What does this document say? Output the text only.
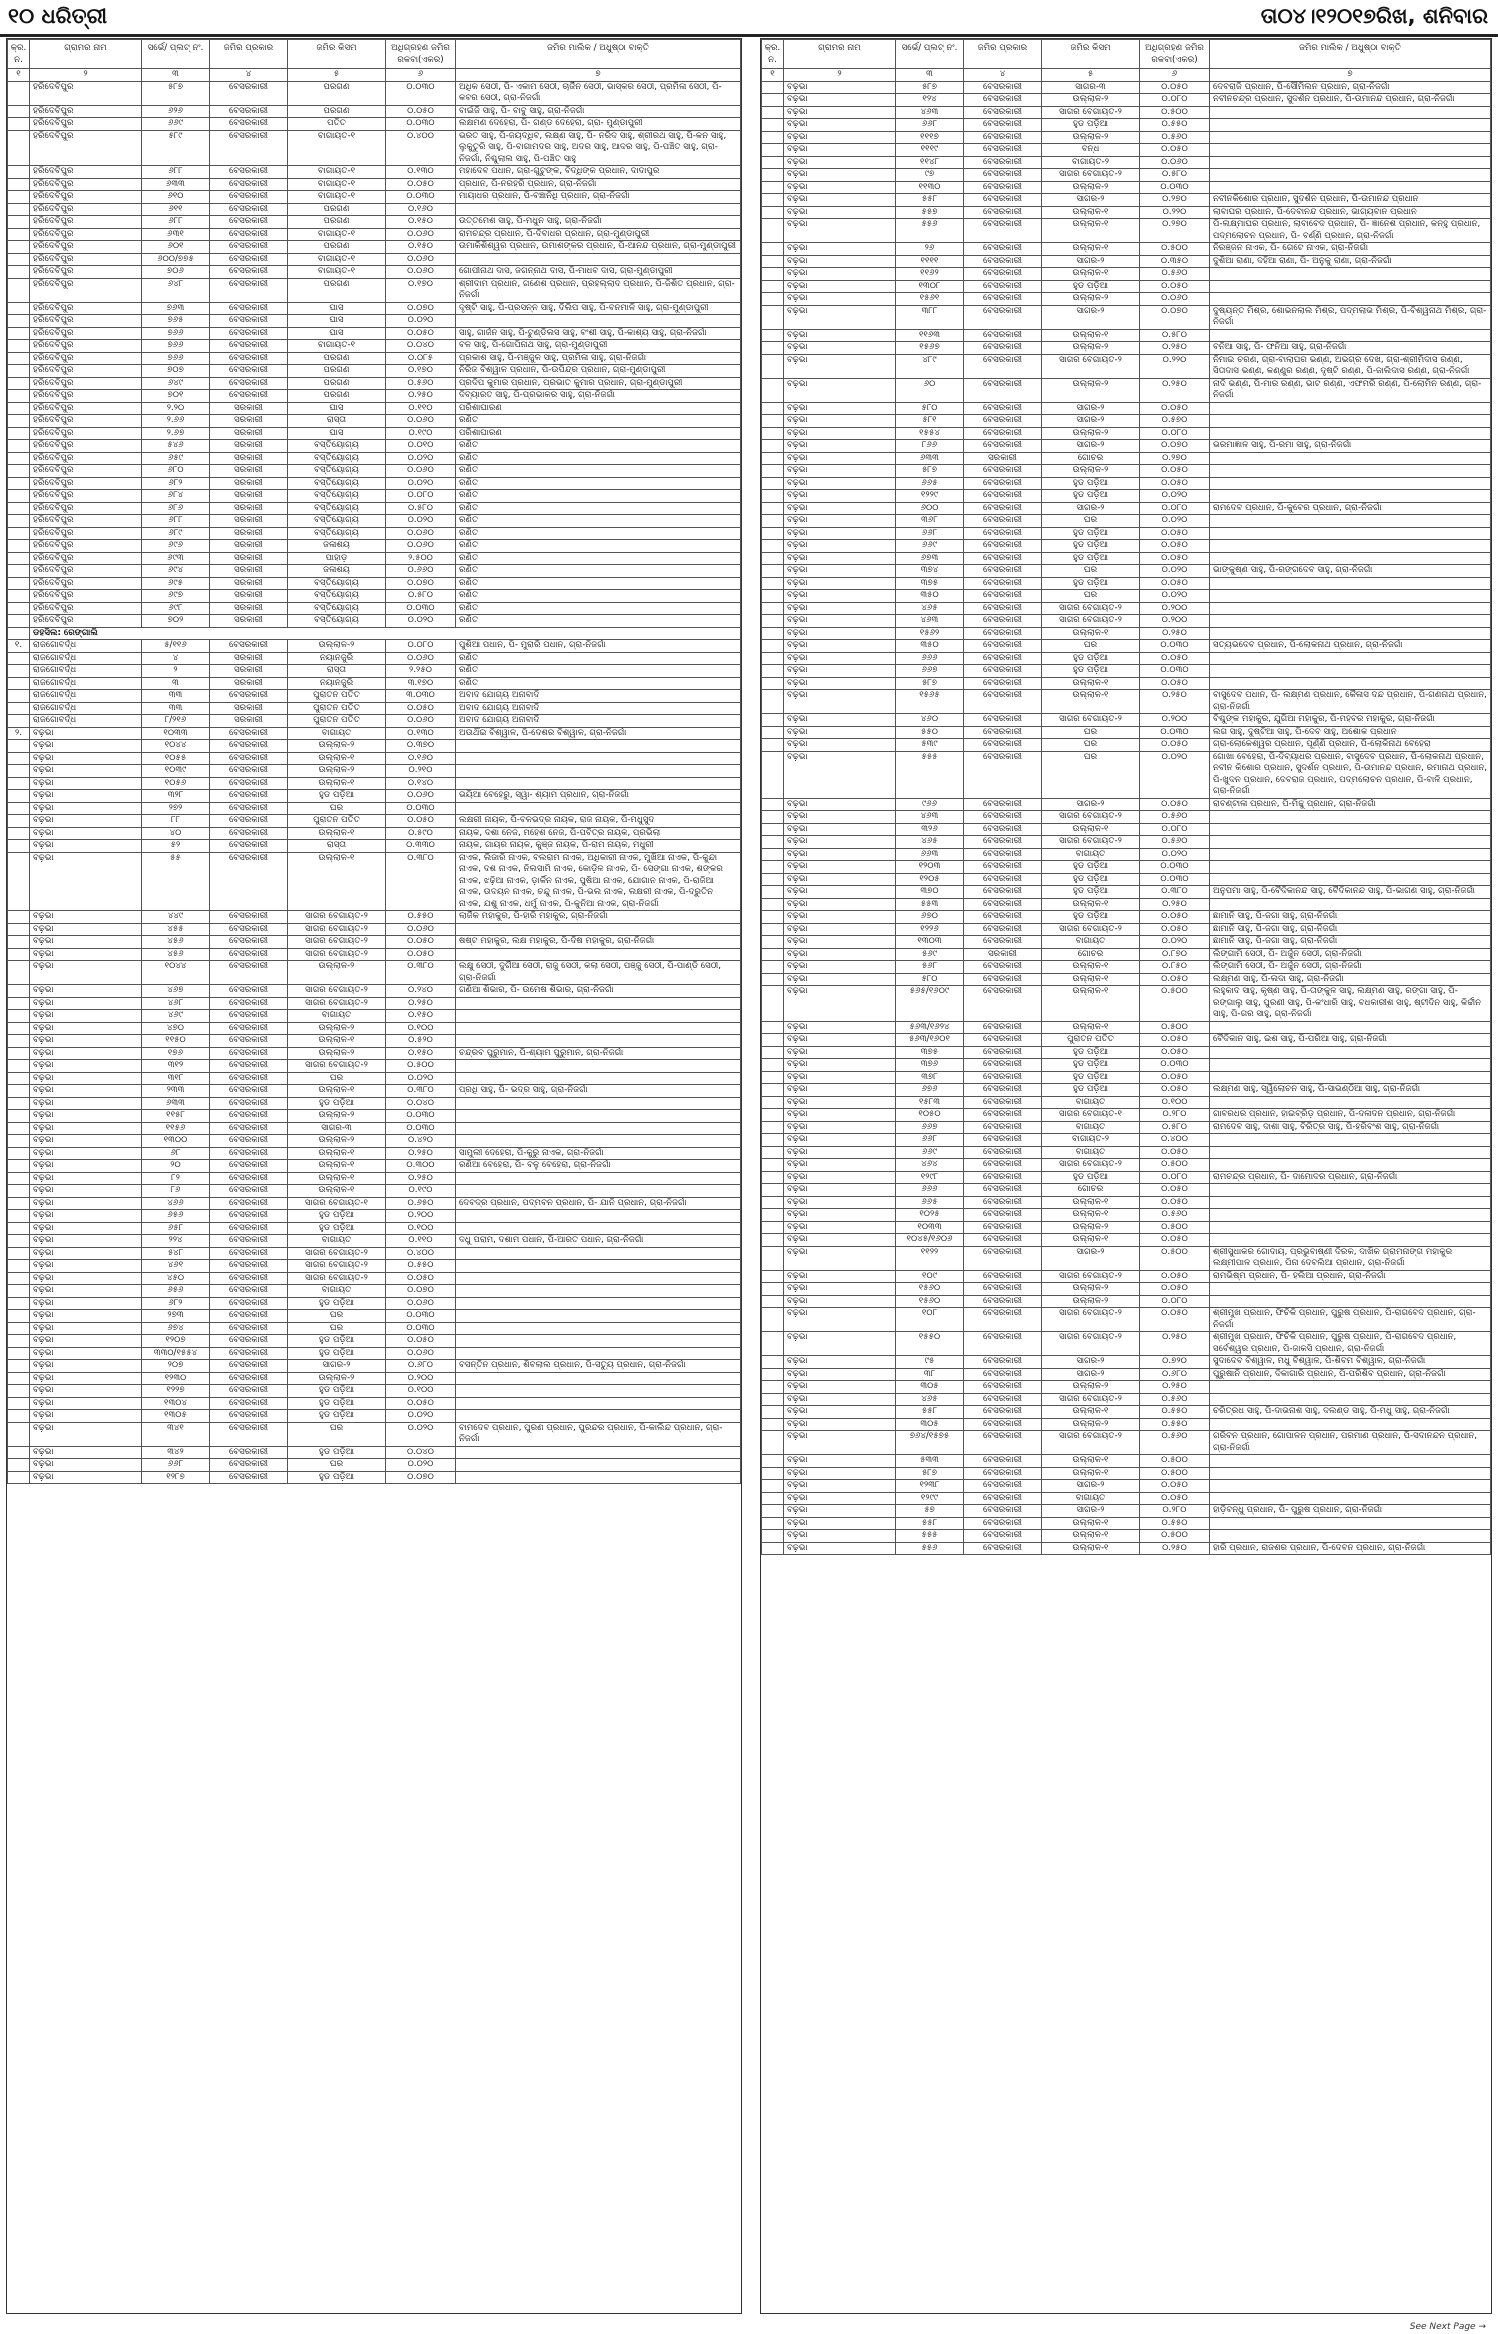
୧୦ ଧରିତ୍ରୀ	ତା୦୪।୧୨୦୧୭ରିଖ, ଶନିବାର
କ୍ର. ନ.	ଗ୍ରାମର ନାମ	ସର୍ଭେ/ ପ୍ଲଟ୍ ନଂ.	ଜମିର ପ୍ରକାର	ଜମିର କିସମ	ଅଧିଗ୍ରହଣ ଜମିର ରକବା(ଏକର)	ଜମିର ମାଲିକ / ଅଧୁଷ୍ଠା ବାକ୍ତି
୧	୨	୩	୪	୫	୬	୭
	ହରିଦେବିପୁର	୫୮୭	ବେସରକାରୀ	ପରଗଣ	୦.୦୩୦	ଅଧିକ ସେଠୀ, ପି- ଏକାମ ସେଠୀ, ଚାର୍ଜିନ ସେଠୀ, ଭାସ୍କର ସେଠୀ, ପ୍ରମିଳା ସେଠୀ, ପି- କବର ସେଠୀ, ଗ୍ରା-ନିଜର୍ଗା
	ହରିଦେବିପୁର	୬୨୬	ବେସରକାରୀ	ପରଗଣ	୦.୦୫୦	ବାଇଁଜି ସାହୁ, ପି- ବାବୁ ସାହୁ, ଗ୍ରା-ନିଜର୍ଗା
	ହରିଦେବିପୁର	୬୬୯	ବେସରକାରୀ	ପତିତ	୦.୦୩୦	ଲକ୍ଷମଣ ଦେହେରା, ପି- ଗଣ୍ଡ ଦେହେରା, ଗ୍ରା- ମୁଣ୍ଡାପୁରୀ
	ହରିଦେବିପୁର	୫୮୯	ବେସରକାରୀ	ବାଗାୟତ-୧	୦.୪୦୦	ଭରତ ସାହୁ, ପି-ଜୟଦ୍ଧିବ, ଲକ୍ଷ୍ଣ ସାହୁ, ପି- ନରିଦ ସାହୁ, ଶ୍ରୀରଥ ସାହୁ, ପି-କନ ସାହୁ, ଲୁକୁତୁରି ସାହୁ, ପି-ବାଗାମଦର ସାହୁ, ଅଦର ସାହୁ, ଆଦର ସାହୁ, ପି-ପଞ୍ଚିତ ସାହୁ, ଗ୍ରା-ନିଜର୍ଗା, ନିଶ୍ଚୁଲାଲ ସାହୁ, ପି-ପଞ୍ଚିତ ସାହୁ
	ହରିଦେବିପୁର	୬୮୮	ବେସରକାରୀ	ବାଗାୟତ-୧	୦.୧୩୦	ମହାଦେବ ପଧାନ, ଗ୍ରା-ଗୁଟୁଙ୍କ, ବିଦ୍ଧିଙ୍କ ପ୍ରଧାନ, ଦାଦାପୁର
	ହରିଦେବିପୁର	୬୩୩	ବେସରକାରୀ	ବାଗାୟତ-୧	୦.୦୫୦	ପ୍ରଧାନ, ପି-ନରହରି ପ୍ରଧାନ, ଗ୍ରା-ନିଜର୍ଗା
	ହରିଦେବିପୁର	୬୧୦	ବେସରକାରୀ	ବାଗାୟତ-୧	୦.୦୩୦	ମାୟାଧର ପ୍ରଧାନ, ପି-ବଞ୍ଚାନିଧି ପ୍ରଧାନ, ଗ୍ରା-ନିଜର୍ଗା
	ହରିଦେବିପୁର	୬୧୧	ବେସରକାରୀ	ପରଗଣ	୦.୧୬୦	
	ହରିଦେବିପୁର	୬୮୮	ବେସରକାରୀ	ପରଗଣ	୦.୧୫୦	ଉତ୍ତମେଶ ସାହୁ, ପି-ମଧୁନ ସାହୁ, ଗ୍ରା-ନିଜର୍ଗା
	ହରିଦେବିପୁର	୬୩୧	ବେସରକାରୀ	ବାଗାୟତ-୧	୦.୦୬୦	ରାମଚନ୍ଦ୍ର ପ୍ରଧାନ, ପି-ଦିବାଧର ପ୍ରଧାନ, ଗ୍ରା-ମୁଣ୍ଡାପୁରୀ
	ହରିଦେବିପୁର	୬୦୧	ବେସରକାରୀ	ପରଗଣ	୦.୧୫୦	ଉମାକିଶିଶ୍ୱର ପ୍ରଧାନ, ଉମାଶଙ୍କର ପ୍ରଧାନ, ପି-ଆନନ୍ଦ ପ୍ରଧାନ, ଗ୍ରା-ମୁଣ୍ଡାପୁରୀ
	ହରିଦେବିପୁର	୬୦୦/୭୭୫	ବେସରକାରୀ	ବାଗାୟତ-୧	୦.୦୬୦	
	ହରିଦେବିପୁର	୭୦୬	ବେସରକାରୀ	ବାଗାୟତ-୧	୦.୦୬୦	ଗୋପୀନାଥ ଦାସ, ଜଗନ୍ନାଥ ଦାସ, ପି-ମାଧବ ଦାସ, ଗ୍ରା-ମୁଣ୍ଡାପୁରୀ
	ହରିଦେବିପୁର	୬୪୮	ବେସରକାରୀ	ପରଗଣ	୦.୧୭୦	ଶ୍ରୀଦାମ ପ୍ରଧାନ, ଗଣେଶ ପ୍ରଧାନ, ପ୍ରହଲ୍ଲାଦ ପ୍ରଧାନ, ପି-ଜିଶିତ ପ୍ରଧାନ, ଗ୍ରା-ନିଜର୍ଗା
	ହରିଦେବିପୁର	୭୬୩	ବେସରକାରୀ	ଘାସ	୦.୦୭୦	ଦୃଷ୍ଟି ସାହୁ, ପି-ପ୍ରସନ୍ନ ସାହୁ, ଦିଲିପ ସାହୁ, ପି-ବନମାଳି ସାହୁ, ଗ୍ରା-ମୁଣ୍ଡାପୁରୀ
	ହରିଦେବିପୁର	୭୬୫	ବେସରକାରୀ	ଘାସ	୦.୦୨୦	
	ହରିଦେବିପୁର	୭୬୬	ବେସରକାରୀ	ଘାସ	୦.୦୫୦	ସାହୁ, ଗାର୍ଜନ ସାହୁ, ପି-ଟୁଣ୍ଡିଲସ ସାହୁ, ବଂଶୀ ସାହୁ, ପି-କାଶ୍ୟ ସାହୁ, ଗ୍ରା-ନିଜର୍ଗା
	ହରିଦେବିପୁର	୭୬୬	ବେସରକାରୀ	ବାଗାୟତ-୧	୦.୦୪୦	ବଳ ସାହୁ, ପି-ଗୋପିନାଥ ସାହୁ, ଗ୍ରା-ମୁଣ୍ଡାପୁରୀ
	ହରିଦେବିପୁର	୭୬୬	ବେସରକାରୀ	ପରଗଣ	୦.୦୮୫	ପ୍ରକାଶ ସାହୁ, ପି-ମଞ୍ଜୁଳ ସାହୁ, ପ୍ରମିଳା ସାହୁ, ଗ୍ରା-ନିଜର୍ଗା
	ହରିଦେବିପୁର	୭୦୭	ବେସରକାରୀ	ପରଗଣ	୦.୧୭୦	ନିରିଜ ବିଶ୍ୱାଳ ପ୍ରଧାନ, ପି-ଉପିନ୍ଦ୍ର ପ୍ରଧାନ, ଗ୍ରା-ମୁଣ୍ଡାପୁରୀ
	ହରିଦେବିପୁର	୬୪୯	ବେସରକାରୀ	ପରଗଣ	୦.୫୬୦	ପ୍ରଦିପ କୁମାର ପ୍ରଧାନ, ପ୍ରଭାତ କୁମାର ପ୍ରଧାନ, ଗ୍ରା-ମୁଣ୍ଡାପୁରୀ
	ହରିଦେବିପୁର	୭୦୧	ବେସରକାରୀ	ପରଗଣ	୦.୨୫୦	ଦିବ୍ୟାରତ ସାହୁ, ପି-ପ୍ରଭାକର ସାହୁ, ଗ୍ରା-ନିଜର୍ଗା
	ହରିଦେବିପୁର	୨.୨୦	ସରକାରୀ	ଘାସ	୦.୧୧୦	ପରିଶାଘାରଣ
	ହରିଦେବିପୁର	୨.୬୬	ସରକାରୀ	ରାସ୍ତା	୦.୦୬୦	ରଣିତ
	ହରିଦେବିପୁର	୨.୬୭	ସରକାରୀ	ଘାସ	୦.୧୯୦	ପରିଶାଘାରଣ
	ହରିଦେବିପୁର	୫୪୬	ସରକାରୀ	ବସ୍ତିୟୋଗ୍ୟ	୦.୦୧୦	ରଣିତ
	ହରିଦେବିପୁର	୬୫୯	ସରକାରୀ	ବସ୍ତିୟୋଗ୍ୟ	୦.୦୨୦	ରଣିତ
	ହରିଦେବିପୁର	୬୮୦	ସରକାରୀ	ବସ୍ତିୟୋଗ୍ୟ	୦.୦୬୦	ରଣିତ
	ହରିଦେବିପୁର	୬୮୨	ସରକାରୀ	ବସ୍ତିୟୋଗ୍ୟ	୦.୦୨୦	ରଣିତ
	ହରିଦେବିପୁର	୬୮୪	ସରକାରୀ	ବସ୍ତିୟୋଗ୍ୟ	୦.୦୮୦	ରଣିତ
	ହରିଦେବିପୁର	୬୮୬	ସରକାରୀ	ବସ୍ତିୟୋଗ୍ୟ	୦.୫୮୦	ରଣିତ
	ହରିଦେବିପୁର	୬୮୮	ସରକାରୀ	ବସ୍ତିୟୋଗ୍ୟ	୦.୦୨୦	ରଣିତ
	ହରିଦେବିପୁର	୬୮୯	ସରକାରୀ	ବସ୍ତିୟୋଗ୍ୟ	୦.୦୬୦	ରଣିତ
	ହରିଦେବିପୁର	୬୯୬	ସରକାରୀ	ଜଳାଶୟ	୦.୦୬୦	ରଣିତ
	ହରିଦେବିପୁର	୬୯୩	ସରକାରୀ	ପାହାଡ଼	୨.୫୦୦	ରଣିତ
	ହରିଦେବିପୁର	୬୯୪	ସରକାରୀ	ଜଳାଶୟ	୦.୬୬୦	ରଣିତ
	ହରିଦେବିପୁର	୬୯୫	ସରକାରୀ	ବସ୍ତିୟୋଗ୍ୟ	୦.୦୭୦	ରଣିତ
	ହରିଦେବିପୁର	୬୯୭	ସରକାରୀ	ବସ୍ତିୟୋଗ୍ୟ	୦.୫୮୦	ରଣିତ
	ହରିଦେବିପୁର	୬୯୮	ସରକାରୀ	ବସ୍ତିୟୋଗ୍ୟ	୦.୦୩୦	ରଣିତ
	ହରିଦେବିପୁର	୭୦୨	ସରକାରୀ	ବସ୍ତିୟୋଗ୍ୟ	୦.୦୨୦	ରଣିତ
	ଡହସିଲ: ରେଙ୍ଗାଲି					
୧.	ରାଜଗୋବର୍ଦ୍ଧ	୫/୧୧୬	ବେସରକାରୀ	ଉଲ୍ଲାଳ-୨	୦.୦୮୦	ପୁଶିଆ ପଧାନ, ପି- ମୁରାରି ପଧାନ, ଗ୍ରା-ନିଜର୍ଗା
	ରାଜଗୋବର୍ଦ୍ଧ	୪	ସରକାରୀ	ନୟାନଜୁରି	୦.୦୬୦	ରଣିତ
	ରାଜଗୋବର୍ଦ୍ଧ	୨	ସରକାରୀ	ରାସ୍ତା	୨.୨୫୦	ରଣିତ
	ରାଜଗୋବର୍ଦ୍ଧ	୩	ସରକାରୀ	ନୟାନଜୁରି	୩.୧୭୦	ରଣିତ
	ରାଜଗୋବର୍ଦ୍ଧ	୩୩	ବେସରକାରୀ	ପୁରାତନ ପତିତ	୩.୦୩୦	ଅବାଦ ଯୋଗ୍ୟ ଅନାବାଦି
	ରାଜଗୋବର୍ଦ୍ଧ	୩୩	ସରକାରୀ	ପୁରାତନ ପତିତ	୦.୦୫୦	ଅବାଦ ଯୋଗ୍ୟ ଅନାବାଦି
	ରାଜଗୋବର୍ଦ୍ଧ	୮/୨୧୬	ସରକାରୀ	ପୁରାତନ ପତିତ	୦.୦୬୦	ଅବାଦ ଯୋଗ୍ୟ ଅନାବାଦି
୨.	ବଢ଼ଭା	୧୦୩୩	ବେସରକାରୀ	ବାଗାୟତ	୦.୧୩୦	ଅଉଥିଁଇ ବିଶ୍ୱାଳ, ପି-ଦେଶର ବିଶ୍ୱାଳ, ଗ୍ରା-ନିଜର୍ଗା
	ବଢ଼ଭା	୧୦୪୪	ବେସରକାରୀ	ଉଲ୍ଲାଳ-୨	୦.୩୭୦	
	ବଢ଼ଭା	୧୦୫୫	ବେସରକାରୀ	ଉଲ୍ଲାଳ-୧	୦.୧୬୦	
	ବଢ଼ଭା	୧୦୩୯	ବେସରକାରୀ	ଉଲ୍ଲାଳ-୨	୦.୨୧୦	
	ବଢ଼ଭା	୧୦୫୬	ବେସରକାରୀ	ଉଲ୍ଲାଳ-୧	୦.୧୪୦	
	ବଢ଼ଭା	୩୨୮	ବେସରକାରୀ	ହୁଡ ପଡ଼ିଆ	୦.୦୬୦	ଭୟିଆ ବେହେରୁ, ସ୍ୱା- ଶ୍ୟାମ ପ୍ରଧାନ, ଗ୍ରା-ନିଜର୍ଗା
	ବଢ଼ଭା	୨୭୨	ବେସରକାରୀ	ଘର	୦.୦୩୦	
	ବଢ଼ଭା	୮୮	ବେସରକାରୀ	ପୁରାତନ ପତିତ	୦.୦୫୦	ଲକ୍ଷରୀ ନାୟକ, ପି-ବଳଭଦ୍ର ନାୟକ, ରାଜ ନାୟକ, ପି-ମଧୁସୁଦ
	ବଢ଼ଭା	୪୦	ବେସରକାରୀ	ଉଲ୍ଲାଳ-୧	୦.୫୯୦	ନାୟକ, ଦଶା ନେଜ, ମହେଶ ନେଜ, ପି-ପବିତ୍ର ନାୟକ, ପ୍ରଭିଲା
	ବଢ଼ଭା	୫୨	ବେସରକାରୀ	ରାସ୍ତା	୦.୩୩୦	ନାୟକ, ଗାୟର ନାୟକ, କୁଞ୍ଜ ନାୟକ, ପି-ରାମ ନାୟକ, ମଧୁରୀ
	ବଢ଼ଭା	୫୫	ବେସରକାରୀ	ଉଲ୍ଲାଳ-୧	୦.୩୮୦	ନାଏକ, ଲିଜାରି ନାଏକ, ବଲରାମ ନାଏକ, ଅଧିକାରୀ ନାଏକ, ମୁଖିଆ ନାଏକ, ପି-କୁନ୍ଦା ନାଏକ, ଦଶ ନାଏକ, ନିଲସାମି ନାଏକ, କୋଡ଼ିଳ ନାଏକ, ପି- ସେଙ୍ଗା ନାଏକ, ଶଙ୍କର ନାଏକ, ଝଢ଼ିଆ ନାଏକ, ଡ଼ାର୍କିନ ନାଏକ, ପୁଷିଆ ନାଏକ, ଯୋଗାନ ନାଏକ, ପି-ରାଜିଆ ନାଏକ, ଉଦୟନ ନାଏକ, ଚନ୍ଦୁ ନାଏକ, ପି-ଭଲ ନାଏକ, ଲକ୍ଷରୀ ନାଏକ, ପି-ଦ୍ରୁତିନ ନାଏକ, ଯଶୁ ନାଏକ, ଧର୍ମୁ ନାଏକ, ପି-କୁନିଆ ନାଏକ, ଗ୍ରା-ନିଜର୍ଗା
	ବଢ଼ଭା	୪୪୯	ବେସରକାରୀ	ସାଗର ବେଗାୟତ-୨	୦.୫୫୦	ଲାର୍ଜିକ ମହାକୁର, ପି-ହାରି ମହାକୁର, ଗ୍ରା-ନିଜର୍ଗା
	ବଢ଼ଭା	୪୫୫	ବେସରକାରୀ	ସାଗର ବେଗାୟତ-୨	୦.୦୬୦	
	ବଢ଼ଭା	୪୫୬	ବେସରକାରୀ	ସାଗର ବେଗାୟତ-୨	୦.୦୫୦	ଷଷ୍ଟ ମହାକୁର, ଲକ୍ଷ ମହାକୁର, ପି-ଦିଷ ମହାକୁର, ଗ୍ରା-ନିଜର୍ଗା
	ବଢ଼ଭା	୪୫୬	ବେସରକାରୀ	ସାଗର ବେଗାୟତ-୨	୦.୦୫୦	
	ବଢ଼ଭା	୧୦୪୪	ବେସରକାରୀ	ଉଲ୍ଲାଳ-୨	୦.୩୮୦	ଲକ୍ଷୁ ସେଠୀ, ଦୁର୍ଗିଆ ସେଠୀ, ରାଜୁ ସେଠୀ, କଲା ସେଠୀ, ପଞ୍ଜୁ ସେଠୀ, ପି-ପାଣ୍ଡି ସେଠୀ, ଗ୍ରା-ନିଜର୍ଗା
	ବଢ଼ଭା	୪୬୭	ବେସରକାରୀ	ସାଗର ବେଗାୟତ-୨	୦.୨୪୦	ଗଣିଆ ଶିଭାର, ପି- ଉମେଷ ଶିଭାର, ଗ୍ରା-ନିଜର୍ଗା
	ବଢ଼ଭା	୪୬୮	ବେସରକାରୀ	ସାଗର ବେଗାୟତ-୨	୦.୨୫୦	
	ବଢ଼ଭା	୪୬୯	ବେସରକାରୀ	ବାଗାୟତ	୦.୧୫୦	
	ବଢ଼ଭା	୪୭୦	ବେସରକାରୀ	ଉଲ୍ଲାଳ-୨	୦.୧୦୦	
	ବଢ଼ଭା	୧୧୫୦	ବେସରକାରୀ	ଉଲ୍ଲାଳ-୧	୦.୫୨୦	
	ବଢ଼ଭା	୧୭୬	ବେସରକାରୀ	ଉଲ୍ଲାଳ-୨	୦.୧୫୦	ଚନ୍ଦ୍ରବ ପୁରୁମାନ, ପି-ଶ୍ୟାମ ପୁରୁମାନ, ଗ୍ରା-ନିଜର୍ଗା
	ବଢ଼ଭା	୩୧୨	ବେସରକାରୀ	ସାଗର ବେଗାୟତ-୨	୦.୫୦୦	
	ବଢ଼ଭା	୩୧୮	ବେସରକାରୀ	ଘର	୦.୦୨୦	
	ବଢ଼ଭା	୨୩୩	ବେସରକାରୀ	ଉଲ୍ଲାଳ-୧	୦.୩୮୦	ପ୍ରଧି ସାହୁ, ପି- ଭଦ୍ର ସାହୁ, ଗ୍ରା-ନିଜର୍ଗା
	ବଢ଼ଭା	୬୩୩	ବେସରକାରୀ	ହୁଡ ପଡ଼ିଆ	୦.୦୪୦	
	ବଢ଼ଭା	୧୧୫୮	ବେସରକାରୀ	ଉଲ୍ଲାଳ-୨	୦.୦୩୦	
	ବଢ଼ଭା	୧୧୫୬	ବେସରକାରୀ	ସାଗର-୩	୦.୦୩୦	
	ବଢ଼ଭା	୧୩୦୦	ବେସରକାରୀ	ଉଲ୍ଲାଳ-୨	୦.୪୨୦	
	ବଢ଼ଭା	୬୮	ବେସରକାରୀ	ଉଲ୍ଲାଳ-୧	୦.୨୫୦	ସାମୁଲୀ ଦେହେରା, ପି-କୁରୁ ନାଏକ, ଗ୍ରା-ନିଜର୍ଗା
	ବଢ଼ଭା	୨୦	ବେସରକାରୀ	ଉଲ୍ଲାଳ-୧	୦.୩୦୦	ରଣିଆ ବେହେରା, ପି- ବଳୁ ବେହେରା, ଗ୍ରା-ନିଜର୍ଗା
	ବଢ଼ଭା	୮୨	ବେସରକାରୀ	ଉଲ୍ଲାଳ-୧	୦.୨୫୦	
	ବଢ଼ଭା	୮୬	ବେସରକାରୀ	ଉଲ୍ଲାଳ-୧	୦.୧୯୦	
	ବଢ଼ଭା	୪୬୬	ବେସରକାରୀ	ସାଗର ବେଗାୟତ-୧	୦.୬୫୦	ଦେବଦ୍ର ପ୍ରଧାନ, ପଦ୍ମବନ ପ୍ରଧାନ, ପି- ଯାନି ପ୍ରଧାନ, ଗ୍ରା-ନିଜର୍ଗା
	ବଢ଼ଭା	୬୫୬	ବେସରକାରୀ	ହୁଡ ପଡ଼ିଆ	୦.୨୦୦	
	ବଢ଼ଭା	୬୫୮	ବେସରକାରୀ	ହୁଡ ପଡ଼ିଆ	୦.୧୦୦	
	ବଢ଼ଭା	୨୨୪	ବେସରକାରୀ	ବାଗାୟତ	୦.୧୧୦	ଦଧୁ ପରାମ, ଦଶାମ ପଧାନ, ପି-ଆରତ ପଧାନ, ଗ୍ରା-ନିଜର୍ଗା
	ବଢ଼ଭା	୫୪୮	ବେସରକାରୀ	ସାଗର ବେଗାୟତ-୨	୦.୪୦୦	
	ବଢ଼ଭା	୪୬୧	ବେସରକାରୀ	ସାଗର ବେଗାୟତ-୨	୦.୫୫୦	
	ବଢ଼ଭା	୪୫୦	ବେସରକାରୀ	ସାଗର ବେଗାୟତ-୨	୦.୦୫୦	
	ବଢ଼ଭା	୬୫୬	ବେସରକାରୀ	ବାଗାୟତ	୦.୦୭୦	
	ବଢ଼ଭା	୬୮୨	ବେସରକାରୀ	ହୁଡ ପଡ଼ିଆ	୦.୦୬୦	
	ବଢ଼ଭା	୨୭୩	ବେସରକାରୀ	ଘର	୦.୦୩୦	
	ବଢ଼ଭା	୬୭୪	ବେସରକାରୀ	ଘର	୦.୦୩୦	
	ବଢ଼ଭା	୧୨୦୭	ବେସରକାରୀ	ହୁଡ ପଡ଼ିଆ	୦.୦୫୦	
	ବଢ଼ଭା	୩୩୦/୧୫୫୪	ବେସରକାରୀ	ହୁଡ ପଡ଼ିଆ	୦.୦୬୦	
	ବଢ଼ଭା	୨୦୭	ବେସରକାରୀ	ସାଗର-୨	୦.୬୮୦	ବସନ୍ତିନ ପ୍ରଧାନ, ଶିବଲାଲ ପ୍ରଧାନ, ପି-ସତ୍ୟୁ ପ୍ରଧାନ, ଗ୍ରା-ନିଜର୍ଗା
	ବଢ଼ଭା	୧୨୩୦	ବେସରକାରୀ	ଉଲ୍ଲାଳ-୨	୦.୨୦୦	
	ବଢ଼ଭା	୧୨୨୭	ବେସରକାରୀ	ହୁଡ ପଡ଼ିଆ	୦.୧୦୦	
	ବଢ଼ଭା	୧୩୦୪	ବେସରକାରୀ	ହୁଡ ପଡ଼ିଆ	୦.୦୫୦	
	ବଢ଼ଭା	୧୩୦୫	ବେସରକାରୀ	ହୁଡ ପଡ଼ିଆ	୦.୦୨୦	
	ବଢ଼ଭା	୩୪୧	ବେସରକାରୀ	ଘର	୦.୦୨୦	ବାମଦେବ ପ୍ରଧାନ, ପୁରଣ ପ୍ରଧାନ, ପୁରନ୍ଦର ପ୍ରଧାନ, ପି-କାଲିନ୍ଦ ପ୍ରଧାନ, ଗ୍ରା-ନିଜର୍ଗା
	ବଢ଼ଭା	୩୪୨	ବେସରକାରୀ	ହୁଡ ପଡ଼ିଆ	୦.୦୪୦	
	ବଢ଼ଭା	୬୬୮	ବେସରକାରୀ	ଘର	୦.୦୨୦	
	ବଢ଼ଭା	୧୨୮୭	ବେସରକାରୀ	ହୁଡ ପଡ଼ିଆ	୦.୦୭୦	
କ୍ର. ନ.	ଗ୍ରାମର ନାମ	ସର୍ଭେ/ ପ୍ଲଟ୍ ନଂ.	ଜମିର ପ୍ରକାର	ଜମିର କିସମ	ଅଧିଗ୍ରହଣ ଜମିର ରକବା(ଏକର)	ଜମିର ମାଲିକ / ଅଧୁଷ୍ଠା ବାକ୍ତି
୧	୨	୩	୪	୫	୬	୭
	ବଢ଼ଭା	୫୮୭	ବେସରକାରୀ	ସାଗର-୩	୦.୦୫୦	ଦେବରାଜି ପ୍ରଧାନ, ପି-ସୌମିଲନ ପ୍ରଧାନ, ଗ୍ରା-ନିଜର୍ଗା
	ବଢ଼ଭା	୧୨୪	ବେସରକାରୀ	ଉଲ୍ଲାଳ-୨	୦.୦୮୦	ନବୀନଚନ୍ଦ୍ର ପ୍ରଧାନ, ସୁଦର୍ଶନ ପ୍ରଧାନ, ପି-ଉମାନନ୍ଦ ପ୍ରଧାନ, ଗ୍ରା-ନିଜର୍ଗା
	ବଢ଼ଭା	୪୬୩	ବେସରକାରୀ	ସାଗର ବେଗାୟତ-୨	୦.୫୦୦	
	ବଢ଼ଭା	୬୬୮	ବେସରକାରୀ	ହୁଡ ପଡ଼ିଆ	୦.୫୫୦	
	ବଢ଼ଭା	୧୧୧୭	ବେସରକାରୀ	ଉଲ୍ଲାଳ-୨	୦.୫୬୦	
	ବଢ଼ଭା	୧୧୧୯	ବେସରକାରୀ	ବନ୍ଧ	୦.୦୫୦	
	ବଢ଼ଭା	୧୧୪୮	ବେସରକାରୀ	ବାଗାୟତ-୨	୦.୦୬୦	
	ବଢ଼ଭା	୯୭	ବେସରକାରୀ	ସାଗର ବେଗାୟତ-୨	୦.୫୮୦	
	ବଢ଼ଭା	୧୧୩୦	ବେସରକାରୀ	ଉଲ୍ଲାଳ-୨	୦.୦୩୦	
	ବଢ଼ଭା	୫୫୮	ବେସରକାରୀ	ସାଗର-୨	୦.୨୭୦	ନବୀନକିଶୋର ପ୍ରଧାନ, ସୁଦର୍ଶନ ପ୍ରଧାନ, ପି-ଉମାନନ୍ଦ ପ୍ରଧାନ
	ବଢ଼ଭା	୫୫୭	ବେସରକାରୀ	ଉଲ୍ଲାଳ-୧	୦.୨୨୦	ଲାବାଘର ପ୍ରଧାନ, ପି-ଦେବାନନ୍ଦ ପ୍ରଧାନ, ଭାଗ୍ୟବାନ ପ୍ରଧାନ
	ବଢ଼ଭା	୫୫୬	ବେସରକାରୀ	ଉଲ୍ଲାଳ-୧	୦.୨୭୦	ପି-ଲକ୍ଷ୍ମାଘର ପ୍ରଧାନ, ଲାବାବେଦ ପ୍ରଧାନ, ପି- ଜ୍ଞାନେଶ ପ୍ରଧାନ, କନ୍ହୁ ପ୍ରଧାନ, ପଦ୍ମଲୋଚନ ପ୍ରଧାନ, ପି- ବର୍ଣ୍ଣି ପ୍ରଧାନ, ଗ୍ରା-ନିଜର୍ଗା
	ବଢ଼ଭା	୨୬	ବେସରକାରୀ	ଉଲ୍ଲାଳ-୧	୦.୫୦୦	ନିରଞ୍ଜନ ନାଏକ, ପି- ଗେଟେ ନାଏକ, ଗ୍ରା-ନିଜର୍ଗା
	ବଢ଼ଭା	୧୧୧୧	ବେସରକାରୀ	ସାଗର-୨	୦.୩୫୦	ଦୁଶିଆ ରାଣା, ଦହିଆ ରାଣା, ପି- ଅନୁକୁ ରାଣା, ଗ୍ରା-ନିଜର୍ଗା
	ବଢ଼ଭା	୧୧୬୨	ବେସରକାରୀ	ଉଲ୍ଲାଳ-୧	୦.୫୬୦	
	ବଢ଼ଭା	୧୩୦୮	ବେସରକାରୀ	ହୁଡ ପଡ଼ିଆ	୦.୦୫୦	
	ବଢ଼ଭା	୧୫୬୧	ବେସରକାରୀ	ଉଲ୍ଲାଳ-୨	୦.୦୬୦	
	ବଢ଼ଭା	୩୮୮	ବେସରକାରୀ	ସାଗର-୨	୦.୦୭୦	ଦୁଷ୍ୟନ୍ତ ମିଶ୍ର, ଶୋଭନଲାଲ ମିଶ୍ର, ପଦ୍ମଲାଭ ମିଶ୍ର, ପି-ବିଶ୍ୱନାଥ ମିଶ୍ର, ଗ୍ରା-ନିଜର୍ଗା
	ବଢ଼ଭା	୧୧୬୩	ବେସରକାରୀ	ଉଲ୍ଲାଳ-୧	୦.୫୮୦	
	ବଢ଼ଭା	୧୫୬୭	ବେସରକାରୀ	ଉଲ୍ଲାଳ-୨	୦.୨୫୦	ବନିଆ ସାହୁ, ପି- ଫନିଆ ସାହୁ, ଗ୍ରା-ନିଜର୍ଗା
	ବଢ଼ଭା	୪୮୯	ବେସରକାରୀ	ସାଗର ବେଗାୟତ-୨	୦.୨୨୦	ନିମାଇ ଚରଣ, ଗ୍ରା-ବାଲାଘର ଭଣ୍ଣ, ଅଭଗ୍ର ଦେଖ, ଗ୍ରା-ଶ୍ରୀମିଦାସ ରଣ୍ଣ, ସିତାଦାସ ଭଣ୍ଣ, କଣ୍ଣୁର ରଣ୍ଣ, ଦୃଷ୍ଟି ରଣ୍ଣ, ପି-ଜାଲିଦାସ ରଣ୍ଣ, ଗ୍ରା-ନିଜର୍ଗା
	ବଢ଼ଭା	୬୦	ବେସରକାରୀ	ଉଲ୍ଲାଳ-୨	୦.୨୫୦	ନାଦି ଭଣ୍ଣ, ପି-ମାର ରଣ୍ଣ, ଭାଟ ରଣ୍ଣ, ଏଫମରି ରଣ୍ଣ, ପି-ଲୋମିନ ରଣ୍ଣ, ଗ୍ରା-ନିଜର୍ଗା
	ବଢ଼ଭା	୫୮୦	ବେସରକାରୀ	ସାଗର-୨	୦.୦୫୦	
	ବଢ଼ଭା	୫୮୧	ବେସରକାରୀ	ସାଗର-୨	୦.୫୭୦	
	ବଢ଼ଭା	୧୫୫୪	ବେସରକାରୀ	ଉଲ୍ଲାଳ-୨	୦.୦୮୦	
	ବଢ଼ଭା	୮୬୬	ବେସରକାରୀ	ସାଗର-୨	୦.୦୭୦	ଭରମାଜ୍ଞାଳ ସାହୁ, ପି-ରମା ସାହୁ, ଗ୍ରା-ନିଜର୍ଗା
	ବଢ଼ଭା	୬୩୩	ସରକାରୀ	ଗୋଚର	୦.୨୭୦	
	ବଢ଼ଭା	୫୮୭	ବେସରକାରୀ	ଉଲ୍ଲାଳ-୨	୦.୦୫୦	
	ବଢ଼ଭା	୬୬୫	ବେସରକାରୀ	ହୁଡ ପଡ଼ିଆ	୦.୦୫୦	
	ବଢ଼ଭା	୧୨୨୯	ବେସରକାରୀ	ହୁଡ ପଡ଼ିଆ	୦.୦୨୦	
	ବଢ଼ଭା	୬୦୦	ବେସରକାରୀ	ସାଗର-୨	୦.୦୮୦	ରାମଦେବ ପ୍ରଧାନ, ପି-କୁବେର ପ୍ରଧାନ, ଗ୍ରା-ନିଜର୍ଗା
	ବଢ଼ଭା	୩୬୮	ବେସରକାରୀ	ଘର	୦.୦୨୦	
	ବଢ଼ଭା	୬୬୮	ବେସରକାରୀ	ହୁଡ ପଡ଼ିଆ	୦.୦୫୦	
	ବଢ଼ଭା	୬୬୯	ବେସରକାରୀ	ହୁଡ ପଡ଼ିଆ	୦.୦୫୦	
	ବଢ଼ଭା	୬୭୩	ବେସରକାରୀ	ହୁଡ ପଡ଼ିଆ	୦.୦୫୦	
	ବଢ଼ଭା	୩୭୪	ବେସରକାରୀ	ଘର	୦.୦୨୦	ଭାଙ୍କୁଷ୍ଣ ସାହୁ, ପି-ରଙ୍ଗଦେବ ସାହୁ, ଗ୍ରା-ନିଜର୍ଗା
	ବଢ଼ଭା	୩୭୫	ବେସରକାରୀ	ହୁଡ ପଡ଼ିଆ	୦.୦୫୦	
	ବଢ଼ଭା	୩୫୦	ବେସରକାରୀ	ଘର	୦.୦୨୦	
	ବଢ଼ଭା	୪୬୫	ବେସରକାରୀ	ସାଗର ବେଗାୟତ-୨	୦.୨୦୦	
	ବଢ଼ଭା	୪୬୩	ବେସରକାରୀ	ସାଗର ବେଗାୟତ-୨	୦.୨୦୦	
	ବଢ଼ଭା	୧୫୬୨	ବେସରକାରୀ	ଉଲ୍ଲାଳ-୧	୦.୨୫୦	
	ବଢ଼ଭା	୩୫୦	ବେସରକାରୀ	ଘର	୦.୦୩୦	ସତ୍ୟଭଦେବ ପ୍ରଧାନ, ପି-ଲୋକନାଥ ପ୍ରଧାନ, ଗ୍ରା-ନିଜର୍ଗା
	ବଢ଼ଭା	୬୬୬	ବେସରକାରୀ	ହୁଡ ପଡ଼ିଆ	୦.୦୫୦	
	ବଢ଼ଭା	୬୬୭	ବେସରକାରୀ	ହୁଡ ପଡ଼ିଆ	୦.୦୩୦	
	ବଢ଼ଭା	୫୮୭	ବେସରକାରୀ	ଉଲ୍ଲାଳ-୧	୦.୦୫୦	
	ବଢ଼ଭା	୧୫୬୫	ବେସରକାରୀ	ଉଲ୍ଲାଳ-୧	୦.୨୫୦	ବାସୁଦେବ ପଧାନ, ପି- ଲକ୍ଷ୍ମଣ ପ୍ରଧାନ, କୈଳାସ ଦନ୍ଦ ପ୍ରଧାନ, ପି-ଗଣନାଥ ପ୍ରଧାନ, ଗ୍ରା-ନିଜର୍ଗା
	ବଢ଼ଭା	୪୬୦	ବେସରକାରୀ	ସାଗର ବେଗାୟତ-୨	୦.୨୦୦	ବିଶ୍ଚୁଙ୍କ ମହାକୁର, ଯୁଗିଆ ମହାକୁର, ପି-ମହବର ମହାକୁର, ଗ୍ରା-ନିଜର୍ଗା
	ବଢ଼ଭା	୫୫୦	ବେସରକାରୀ	ଘର	୦.୦୩୦	ଲଗ ସାହୁ, ଦୁଷ୍ଟିଆ ସାହୁ, ପି-ଦେବ ସାହୁ, ଅଶୋକ ପ୍ରଧାନ
	ବଢ଼ଭା	୫୩୯	ବେସରକାରୀ	ଘର	୦.୦୫୦	ଗ୍ରା-ଲୋକେଶ୍ୱର ପ୍ରଧାନ, ପୂର୍ଣ୍ଣି ପ୍ରଧାନ, ପି-ଲୋକିନାଥ ବେହେରା
	ବଢ଼ଭା	୫୫୫	ବେସରକାରୀ	ଘର	୦.୦୨୦	ଗୋଖା ବେହେରା, ପି-ଦିବ୍ୟାଧର ପ୍ରଧାନ, ବାସୁଦେବ ପ୍ରଧାନ, ପି-ଲୋକନାଥ ପ୍ରଧାନ, ନବୀନ କିଶୋର ପ୍ରଧାନ, ସୁଦର୍ଶନ ପ୍ରଧାନ, ପି-ଉମାନନ୍ଦ ପ୍ରଧାନ, ରମାନାଥ ପ୍ରଧାନ, ପି-ଖୁଦନ ପ୍ରଧାନ, ଦେବରାଜ ପ୍ରଧାନ, ପଦ୍ମଲୋଚନ ପ୍ରଧାନ, ପି-ବାଳି ପ୍ରଧାନ, ଗ୍ରା-ନିଜର୍ଗା
	ବଢ଼ଭା	୯୬୬	ବେସରକାରୀ	ସାଗର-୨	୦.୦୫୦	ରାବଣ୍ଟାଳା ପ୍ରଧାନ, ପି-ମିଚ୍ଚୁ ପ୍ରଧାନ, ଗ୍ରା-ନିଜର୍ଗା
	ବଢ଼ଭା	୪୬୩	ବେସରକାରୀ	ସାଗର ବେଗାୟତ-୨	୦.୫୬୦	
	ବଢ଼ଭା	୩୨୬	ବେସରକାରୀ	ଉଲ୍ଲାଳ-୧	୦.୦୮୦	
	ବଢ଼ଭା	୪୬୫	ବେସରକାରୀ	ସାଗର ବେଗାୟତ-୨	୦.୫୬୦	
	ବଢ଼ଭା	୬୬୩	ବେସରକାରୀ	ବାଗାୟତ	୦.୦୨୦	
	ବଢ଼ଭା	୧୨୦୩	ବେସରକାରୀ	ହୁଡ ପଡ଼ିଆ	୦.୦୩୦	
	ବଢ଼ଭା	୧୨୦୫	ବେସରକାରୀ	ହୁଡ ପଡ଼ିଆ	୦.୦୩୦	
	ବଢ଼ଭା	୩୭୦	ବେସରକାରୀ	ହୁଡ ପଡ଼ିଆ	୦.୩୮୦	ଅନୁପମା ସାହୁ, ପି-ବୈଦିକାନନ୍ଦ ସାହୁ, ବୈଦିକାନନ୍ଦ ସାହୁ, ପି-ଭାଗଣ ସାହୁ, ଗ୍ରା-ନିଜର୍ଗା
	ବଢ଼ଭା	୫୫୩	ବେସରକାରୀ	ଉଲ୍ଲାଳ-୧	୦.୨୫୦	
	ବଢ଼ଭା	୬୭୦	ବେସରକାରୀ	ହୁଡ ପଡ଼ିଆ	୦.୦୫୦	ଛାମାନି ସାହୁ, ପି-ଜଗା ସାହୁ, ଗ୍ରା-ନିଜର୍ଗା
	ବଢ଼ଭା	୧୨୨୬	ବେସରକାରୀ	ସାଗର ବେଗାୟତ-୨	୦.୦୫୦	ଛାମାନି ସାହୁ, ପି-ଜଗା ସାହୁ, ଗ୍ରା-ନିଜର୍ଗା
	ବଢ଼ଭା	୧୩୦୩	ବେସରକାରୀ	ବାଗାୟତ	୦.୦୨୦	ଛାମାନି ସାହୁ, ପି-ଜଗା ସାହୁ, ଗ୍ରା-ନିଜର୍ଗା
	ବଢ଼ଭା	୫୬୯	ସରକାରୀ	ଗୋଚର	୦.୮୭୦	ଲିଙ୍ଗାମି ସେଠୀ, ପି- ଅର୍ଜୁନ ସେଠୀ, ଗ୍ରା-ନିଜର୍ଗା
	ବଢ଼ଭା	୫୬୮	ବେସରକାରୀ	ଉଲ୍ଲାଳ-୧	୦.୮୫୦	ଲିଙ୍ଗାମି ସେଠୀ, ପି- ଅର୍ଜୁନ ସେଠୀ, ଗ୍ରା-ନିଜର୍ଗା
	ବଢ଼ଭା	୫୮୦	ବେସରକାରୀ	ଉଲ୍ଲାଳ-୧	୦.୦୫୦	ଲକ୍ଷ୍ମଣ ସାହୁ, ପି-ଲଦା ସାହୁ, ଗ୍ରା-ନିଜର୍ଗା
	ବଢ଼ଭା	୫୬୫/୧୬୦୯	ବେସରକାରୀ	ଉଲ୍ଲାଳ-୧	୦.୫୦୦	ଲହୁକାଦ ସାହୁ, କୃଷ୍ଣ ସାହୁ, ପି-ତାଙ୍କୁଳ ସାହୁ, ଲକ୍ଷ୍ମଣ ସାହୁ, ରଙ୍ଗା ସାହୁ, ପି- ରଙ୍ଗାଲୁ ସାହୁ, ପୁରଣୀ ସାହୁ, ପି-କଂଧାରି ସାହୁ, ବଧକାରୀଶ ସାହୁ, ଷ୍ଟୀଦିନ ସାହୁ, କିର୍ଚ୍ଚୀନ ସାହୁ, ପି-ଗର ସାହୁ, ଗ୍ରା-ନିଜର୍ଗା
	ବଢ଼ଭା	୫୬୩/୧୬୨୪	ବେସରକାରୀ	ଉଲ୍ଲାଳ-୧	୦.୫୦୦	
	ବଢ଼ଭା	୫୬୩/୧୬୦୧	ବେସରକାରୀ	ପୁରାତନ ପତିତ	୦.୦୫୦	ବୈଦିକାନ ସାହୁ, ଇଶ ସାହୁ, ପି-ପରିଆ ସାହୁ, ଗ୍ରା-ନିଜର୍ଗା
	ବଢ଼ଭା	୩୭୫	ବେସରକାରୀ	ହୁଡ ପଡ଼ିଆ	୦.୦୫୦	
	ବଢ଼ଭା	୩୭୬	ବେସରକାରୀ	ହୁଡ ପଡ଼ିଆ	୦.୦୩୦	
	ବଢ଼ଭା	୩୭୮	ବେସରକାରୀ	ହୁଡ ପଡ଼ିଆ	୦.୦୫୦	
	ବଢ଼ଭା	୬୭୬	ବେସରକାରୀ	ହୁଡ ପଡ଼ିଆ	୦.୦୫୦	ଲକ୍ଷ୍ମଣ ସାହୁ, ସ୍ୱିଲୋଚନ ସାହୁ, ପି-ସାଭଣ୍ଠିଆ ସାହୁ, ଗ୍ରା-ନିଜର୍ଗା
	ବଢ଼ଭା	୧୫୮୩	ବେସରକାରୀ	ବାଗାୟତ	୦.୧୦୦	
	ବଢ଼ଭା	୧୦୫୦	ବେସରକାରୀ	ସାଗର ବେଗାୟତ-୧	୦.୨୮୦	ଗାବରଧର ପ୍ରଧାନ, ହାଇବ୍ରିଡ଼ ପ୍ରଧାନ, ପି-ଦଳାଦନ ପ୍ରଧାନ, ଗ୍ରା-ନିଜର୍ଗା
	ବଢ଼ଭା	୬୬୭	ବେସରକାରୀ	ବାଗାୟତ	୦.୫୮୦	ରାମଦେବ ସାହୁ, ଦାଶା ସାହୁ, ବିରିତ୍ର ସାହୁ, ପି-ହରିବଂଶ ସାହୁ, ଗ୍ରା-ନିଜର୍ଗା
	ବଢ଼ଭା	୬୬୮	ବେସରକାରୀ	ବାଗାୟତ-୨	୦.୪୦୦	
	ବଢ଼ଭା	୬୬୯	ବେସରକାରୀ	ବାଗାୟତ	୦.୦୫୦	
	ବଢ଼ଭା	୪୬୪	ବେସରକାରୀ	ସାଗର ବେଗାୟତ-୨	୦.୫୦୦	
	ବଢ଼ଭା	୧୨୯୮	ବେସରକାରୀ	ହୁଡ ପଡ଼ିଆ	୦.୦୮୦	ରାମଚନ୍ଦ୍ର ପ୍ରଧାନ, ପି- ଦାମୋଦର ପ୍ରଧାନ, ଗ୍ରା-ନିଜର୍ଗା
	ବଢ଼ଭା	୬୬୬	ବେସରକାରୀ	ଗୋଚର	୦.୦୫୦	
	ବଢ଼ଭା	୬୬୫	ବେସରକାରୀ	ଉଲ୍ଲାଳ-୧	୦.୦୫୦	
	ବଢ଼ଭା	୧୦୨୫	ବେସରକାରୀ	ଉଲ୍ଲାଳ-୧	୦.୫୬୦	
	ବଢ଼ଭା	୧୦୩୩	ବେସରକାରୀ	ଉଲ୍ଲାଳ-୨	୦.୫୦୦	
	ବଢ଼ଭା	୧୦୪୫/୧୬୦୬	ବେସରକାରୀ	ଉଲ୍ଲାଳ-୧	୦.୦୫୦	
	ବଢ଼ଭା	୧୧୨୨	ବେସରକାରୀ	ସାଗର-୨	୦.୫୦୦	ଶ୍ରୀସୁଧାକର ଗୋଦାୟ, ପ୍ରଭୁବାଷ୍ଣୀ ଦିରକ, ଦାଖିକ ଗ୍ରାମନାଙ୍ଗ ମହାକୁର ଲକ୍ଷ୍ମୀପାଳ ପ୍ରଧାନ, ପିନା ଦେବଲିଆ ପ୍ରଧାନ, ଗ୍ରା-ନିଜର୍ଗା
	ବଢ଼ଭା	୧୦୯	ବେସରକାରୀ	ସାଗର ବେଗାୟତ-୨	୦.୦୫୦	ରାମଭିଷ୍ମ ପ୍ରଧାନ, ପି- ହଲିଆ ପ୍ରଧାନ, ଗ୍ରା-ନିଜର୍ଗା
	ବଢ଼ଭା	୧୫୬୦	ବେସରକାରୀ	ଉଲ୍ଲାଳ-୨	୦.୦୫୦	
	ବଢ଼ଭା	୧୫୬୦	ବେସରକାରୀ	ଉଲ୍ଲାଳ-୨	୦.୦୮୦	
	ବଢ଼ଭା	୧୦୮	ବେସରକାରୀ	ସାଗର ବେଗାୟତ-୨	୦.୦୫୦	ଶ୍ରୀମୁଖ ପ୍ରଧାନ, ଫିଚିକି ପ୍ରଧାନ, ପୁରୁଷ ପ୍ରଧାନ, ପି-ରାଗବେଦ ପ୍ରଧାନ, ଗ୍ରା-ନିଜର୍ଗା
	ବଢ଼ଭା	୧୫୫୦	ବେସରକାରୀ	ସାଗର ବେଗାୟତ-୨	୦.୨୫୦	ଶ୍ରୀମୁଖ ପ୍ରଧାନ, ଫିଚିକି ପ୍ରଧାନ, ପୁରୁଷ ପ୍ରଧାନ, ପି-ରାଗବେଦ ପ୍ରଧାନ, ସର୍ବେଶ୍ୱର ପ୍ରଧାନ, ପି-ଜାକସି ପ୍ରଧାନ, ଗ୍ରା-ନିଜର୍ଗା
	ବଢ଼ଭା	୯୫	ବେସରକାରୀ	ସାଗର-୨	୦.୭୨୦	ସୁଦାଦେବ ବିଶ୍ୱାଳ, ମଧୁ ବିଶ୍ୱାଳ, ପି-ଶିବମ ବିଶ୍ୱାଳ, ଗ୍ରା-ନିଜର୍ଗା
	ବଢ଼ଭା	୩୮	ବେସରକାରୀ	ସାଗର-୨	୦.୬୮୦	ପୁରୁଷାନି ପ୍ରଧାନ, ଦିକାଗାରି ପ୍ରଧାନ, ପି-ପରିଶିବ ପ୍ରଧାନ, ଗ୍ରା-ନିଜର୍ଗା
	ବଢ଼ଭା	୩୦୫	ବେସରକାରୀ	ଉଲ୍ଲାଳ-୨	୦.୨୫୦	
	ବଢ଼ଭା	୪୬୫	ବେସରକାରୀ	ସାଗର ବେଗାୟତ-୨	୦.୫୬୦	
	ବଢ଼ଭା	୫୫୮	ବେସରକାରୀ	ଉଲ୍ଲାଳ-୧	୦.୫୫୦	ଚରିତ୍ରଧ ସାହୁ, ପି-ଦାଭନାଶ ସାହୁ, ଦଲଣ୍ଡ ସାହୁ, ପି-ମଧୁ ସାହୁ, ଗ୍ରା-ନିଜର୍ଗା
	ବଢ଼ଭା	୩୦୫	ବେସରକାରୀ	ଉଲ୍ଲାଳ-୨	୦.୫୫୦	
	ବଢ଼ଭା	୭୬୪/୧୫୭୫	ବେସରକାରୀ	ସାଗର ବେଗାୟତ-୨	୦.୫୬୦	ଗରିବନ ପ୍ରଧାନ, ଗୋପାଳନ ପ୍ରଧାନ, ପରମାଣ ପ୍ରଧାନ, ପି-ସଦାନନ୍ଦନ ପ୍ରଧାନ, ଗ୍ରା-ନିଜର୍ଗା
	ବଢ଼ଭା	୫୩୩	ବେସରକାରୀ	ଉଲ୍ଲାଳ-୧	୦.୫୦୦	
	ବଢ଼ଭା	୫୮୭	ବେସରକାରୀ	ଉଲ୍ଲାଳ-୧	୦.୫୦୦	
	ବଢ଼ଭା	୧୨୩୮	ବେସରକାରୀ	ସାଗର-୨	୦.୦୫୦	
	ବଢ଼ଭା	୧୨୯୯	ବେସରକାରୀ	ବାଗାୟତ	୦.୦୫୦	
	ବଢ଼ଭା	୫୭	ବେସରକାରୀ	ସାଗର-୨	୦.୨୮୦	ହାଡ଼ିବନ୍ଧୁ ପ୍ରଧାନ, ପି- ପୁରୁଷ ପ୍ରଧାନ, ଗ୍ରା-ନିଜର୍ଗା
	ବଢ଼ଭା	୫୫୮	ବେସରକାରୀ	ଉଲ୍ଲାଳ-୧	୦.୫୫୦	
	ବଢ଼ଭା	୫୫୫	ବେସରକାରୀ	ଉଲ୍ଲାଳ-୧	୦.୫୦୦	
	ବଢ଼ଭା	୫୫୬	ବେସରକାରୀ	ଉଲ୍ଲାଳ-୧	୦.୨୫୦	ହାରି ପ୍ରଧାନ, ରାଜଶର ପ୍ରଧାନ, ପି-ଦେବନ ପ୍ରଧାନ, ଗ୍ରା-ନିଜର୍ଗା
See Next Page →
